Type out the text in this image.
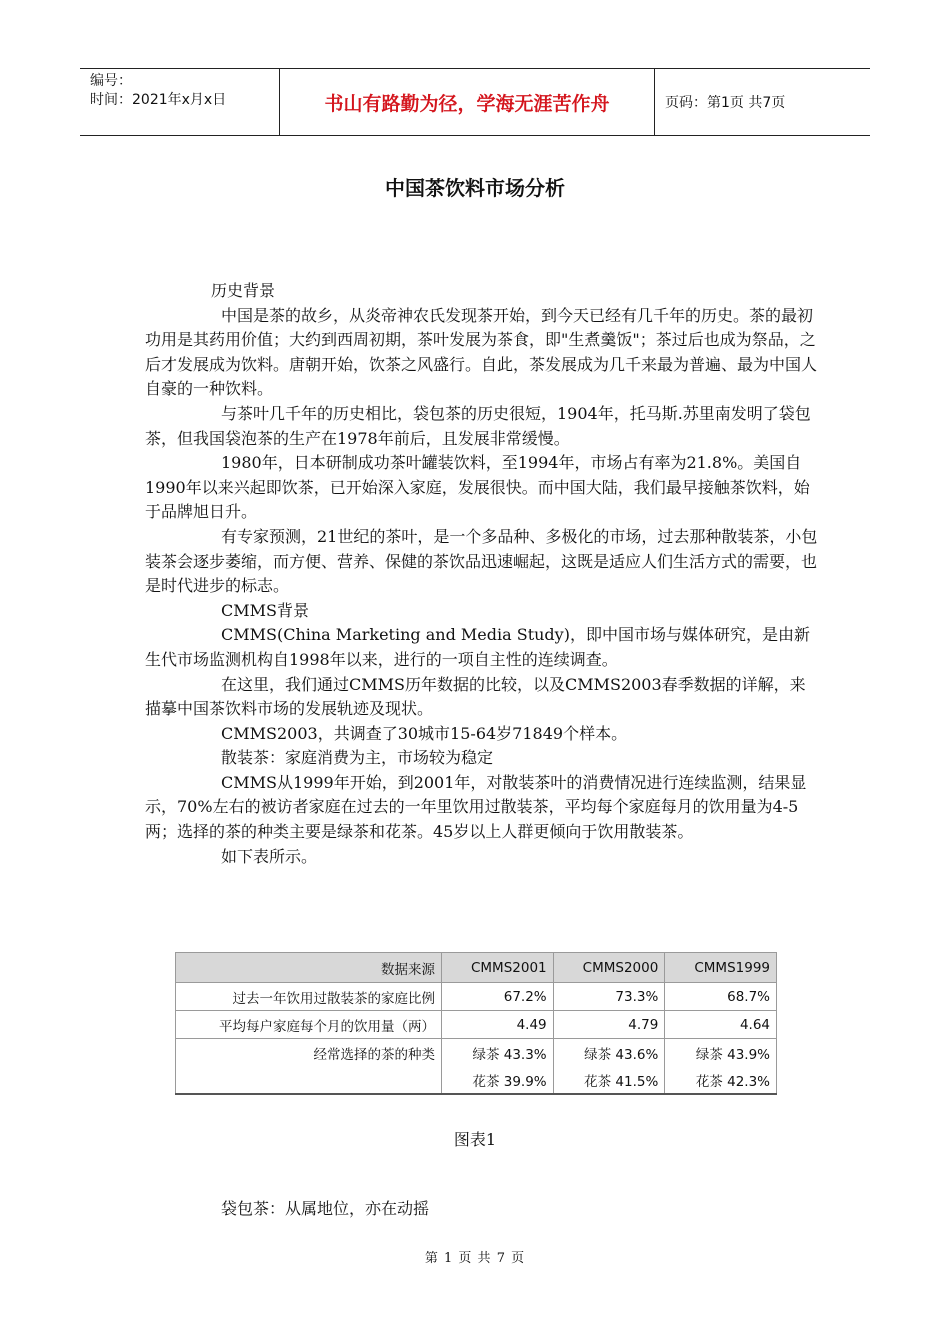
编号：
时间：2021年x月x日	书山有路勤为径，学海无涯苦作舟	页码：第1页 共7页
中国茶饮料市场分析

历史背景

中国是茶的故乡，从炎帝神农氏发现茶开始，到今天已经有几千年的历史。茶的最初功用是其药用价值；大约到西周初期，茶叶发展为茶食，即"生煮羹饭"；茶过后也成为祭品，之后才发展成为饮料。唐朝开始，饮茶之风盛行。自此，茶发展成为几千来最为普遍、最为中国人自豪的一种饮料。

与茶叶几千年的历史相比，袋包茶的历史很短，1904年，托马斯.苏里南发明了袋包茶，但我国袋泡茶的生产在1978年前后，且发展非常缓慢。

1980年，日本研制成功茶叶罐装饮料，至1994年，市场占有率为21.8%。美国自1990年以来兴起即饮茶，已开始深入家庭，发展很快。而中国大陆，我们最早接触茶饮料，始于品牌旭日升。

有专家预测，21世纪的茶叶，是一个多品种、多极化的市场，过去那种散装茶，小包装茶会逐步萎缩，而方便、营养、保健的茶饮品迅速崛起，这既是适应人们生活方式的需要，也是时代进步的标志。

CMMS背景

CMMS(China Marketing and Media Study)，即中国市场与媒体研究，是由新生代市场监测机构自1998年以来，进行的一项自主性的连续调查。

在这里，我们通过CMMS历年数据的比较，以及CMMS2003春季数据的详解，来描摹中国茶饮料市场的发展轨迹及现状。

CMMS2003，共调查了30城市15-64岁71849个样本。

散装茶：家庭消费为主，市场较为稳定

CMMS从1999年开始，到2001年，对散装茶叶的消费情况进行连续监测，结果显示，70%左右的被访者家庭在过去的一年里饮用过散装茶，平均每个家庭每月的饮用量为4-5两；选择的茶的种类主要是绿茶和花茶。45岁以上人群更倾向于饮用散装茶。

如下表所示。

数据来源	CMMS2001	CMMS2000	CMMS1999
过去一年饮用过散装茶的家庭比例	67.2%	73.3%	68.7%
平均每户家庭每个月的饮用量（两）	4.49	4.79	4.64
经常选择的茶的种类	绿茶 43.3%	绿茶 43.6%	绿茶 43.9%
	花茶 39.9%	花茶 41.5%	花茶 42.3%
图表1
袋包茶：从属地位，亦在动摇
第 1 页 共 7 页
